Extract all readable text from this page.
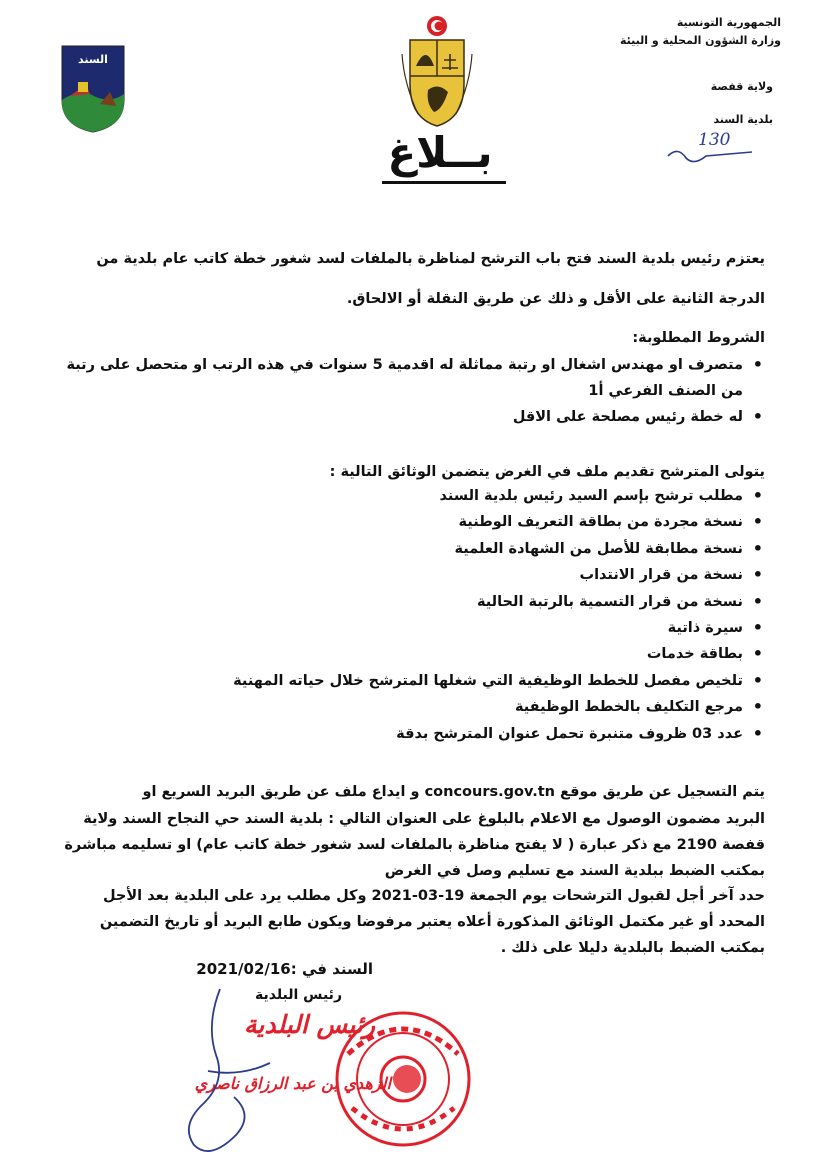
الجمهورية التونسية
وزارة الشؤون المحلية و البيئة
ولاية قفصة
بلدية السند
130
السند
بــلاغ
يعتزم رئيس بلدية السند فتح باب الترشح لمناظرة بالملفات لسد شغور خطة كاتب عام بلدية من
الدرجة الثانية على الأقل و ذلك عن طريق النقلة أو الالحاق.
الشروط المطلوبة:
• متصرف او مهندس اشغال او رتبة مماثلة له اقدمية 5 سنوات في هذه الرتب او متحصل على رتبة من الصنف الفرعي أ1
• له خطة رئيس مصلحة على الاقل
يتولى المترشح تقديم ملف في الغرض يتضمن الوثائق التالية :
• مطلب ترشح بإسم السيد رئيس بلدية السند
• نسخة مجردة من بطاقة التعريف الوطنية
• نسخة مطابقة للأصل من الشهادة العلمية
• نسخة من قرار الانتداب
• نسخة من قرار التسمية بالرتبة الحالية
• سيرة ذاتية
• بطاقة خدمات
• تلخيص مفصل للخطط الوظيفية التي شغلها المترشح خلال حياته المهنية
• مرجع التكليف بالخطط الوظيفية
• عدد 03 ظروف متنبرة تحمل عنوان المترشح بدقة
يتم التسجيل عن طريق موقع concours.gov.tn و ايداع ملف عن طريق البريد السريع او
البريد مضمون الوصول مع الاعلام بالبلوغ على العنوان التالي : بلدية السند حي النجاح السند ولاية
قفصة 2190 مع ذكر عبارة ( لا يفتح مناظرة بالملفات لسد شغور خطة كاتب عام) او تسليمه مباشرة
بمكتب الضبط ببلدية السند مع تسليم وصل في الغرض
حدد آخر أجل لقبول الترشحات يوم الجمعة 19-03-2021 وكل مطلب يرد على البلدية بعد الأجل
المحدد أو غير مكتمل الوثائق المذكورة أعلاه يعتبر مرفوضا ويكون طابع البريد أو تاريخ التضمين
بمكتب الضبط بالبلدية دليلا على ذلك .
السند في :2021/02/16
رئيس البلدية
رئيس البلدية
الزهدي بن عبد الرزاق ناصري
